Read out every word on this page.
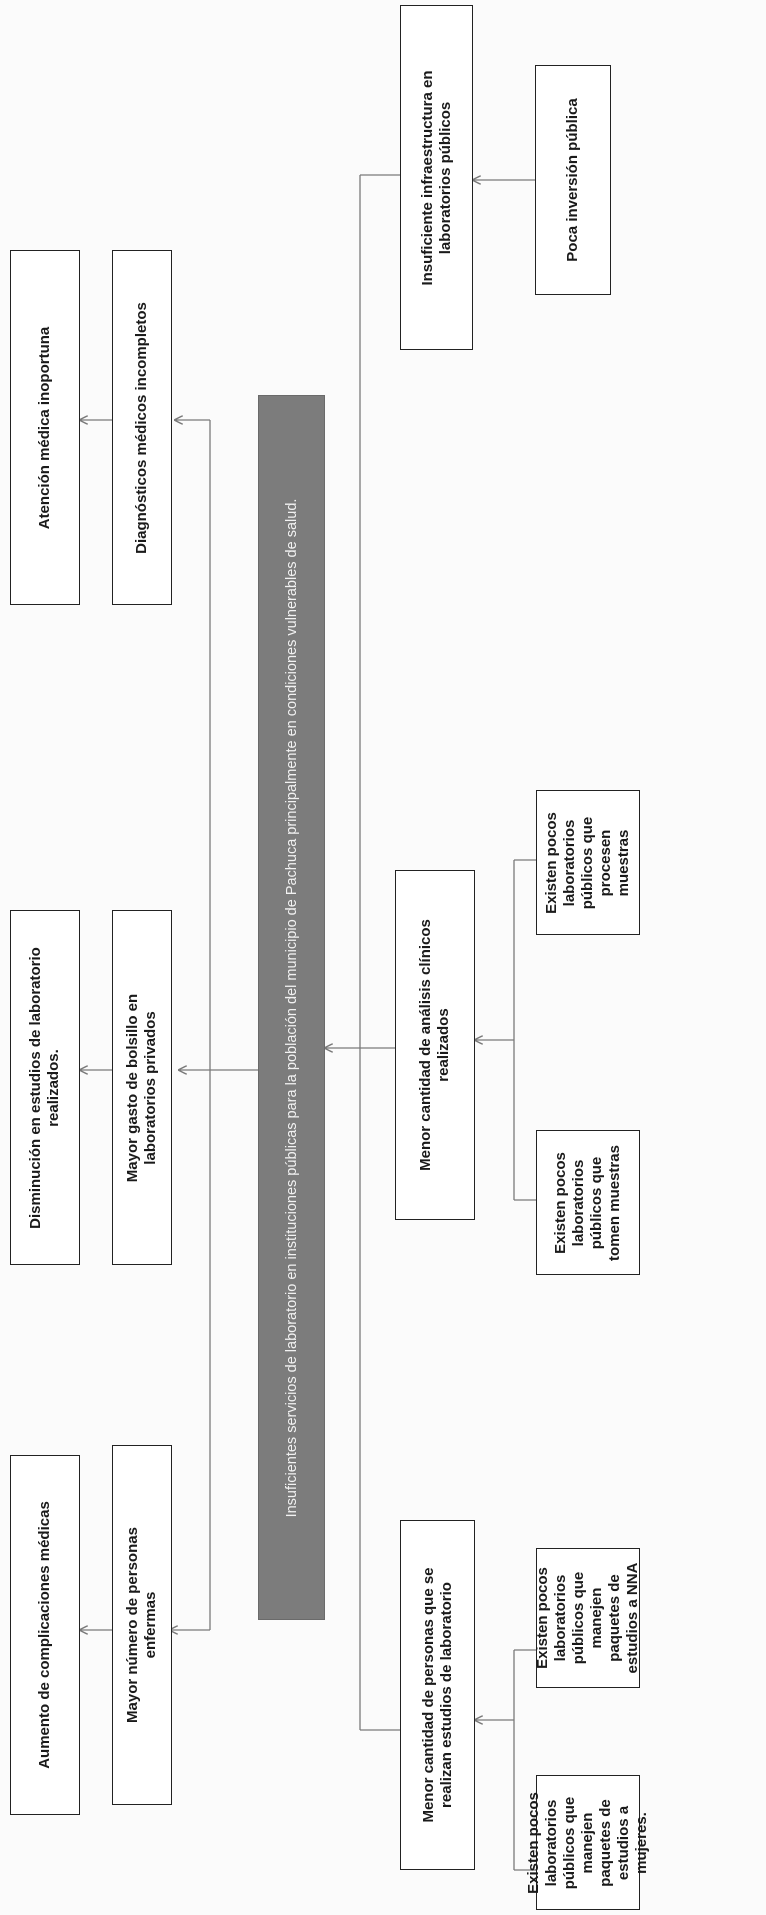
Aumento de complicaciones médicas
Disminución en estudios de laboratorio realizados.
Atención médica inoportuna
Mayor número de personas enfermas
Mayor gasto de bolsillo en laboratorios privados
Diagnósticos médicos incompletos
Insuficientes servicios de laboratorio en instituciones públicas para la población del municipio de Pachuca principalmente en condiciones vulnerables de salud.
Menor cantidad de personas que se realizan estudios de laboratorio
Menor cantidad de análisis clínicos realizados
Insuficiente infraestructura en laboratorios públicos
Existen pocos laboratorios públicos que manejen paquetes de estudios a mujeres.
Existen pocos laboratorios públicos que manejen paquetes de estudios a NNA
Existen pocos laboratorios públicos que tomen muestras
Existen pocos laboratorios públicos que procesen muestras
Poca inversión pública
